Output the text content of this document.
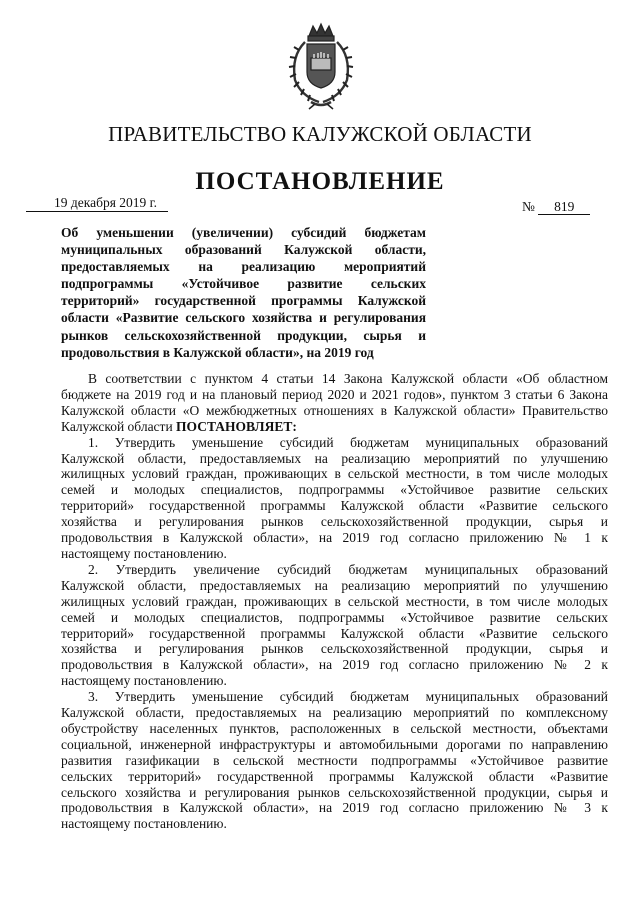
ПРАВИТЕЛЬСТВО КАЛУЖСКОЙ ОБЛАСТИ
ПОСТАНОВЛЕНИЕ
19 декабря 2019 г.	№ 819
Об уменьшении (увеличении) субсидий бюджетам
муниципальных образований Калужской области,
предоставляемых на реализацию мероприятий
подпрограммы «Устойчивое развитие сельских
территорий» государственной программы Калужской
области «Развитие сельского хозяйства и регулирования
рынков сельскохозяйственной продукции, сырья и
продовольствия в Калужской области», на 2019 год
В соответствии с пунктом 4 статьи 14 Закона Калужской области «Об областном
бюджете на 2019 год и на плановый период 2020 и 2021 годов», пунктом 3 статьи 6 Закона
Калужской области «О межбюджетных отношениях в Калужской области» Правительство
Калужской области ПОСТАНОВЛЯЕТ:
1. Утвердить уменьшение субсидий бюджетам муниципальных образований
Калужской области, предоставляемых на реализацию мероприятий по улучшению
жилищных условий граждан, проживающих в сельской местности, в том числе молодых
семей и молодых специалистов, подпрограммы «Устойчивое развитие сельских
территорий» государственной программы Калужской области «Развитие сельского
хозяйства и регулирования рынков сельскохозяйственной продукции, сырья и
продовольствия в Калужской области», на 2019 год согласно приложению № 1 к
настоящему постановлению.
2. Утвердить увеличение субсидий бюджетам муниципальных образований
Калужской области, предоставляемых на реализацию мероприятий по улучшению
жилищных условий граждан, проживающих в сельской местности, в том числе молодых
семей и молодых специалистов, подпрограммы «Устойчивое развитие сельских
территорий» государственной программы Калужской области «Развитие сельского
хозяйства и регулирования рынков сельскохозяйственной продукции, сырья и
продовольствия в Калужской области», на 2019 год согласно приложению № 2 к
настоящему постановлению.
3. Утвердить уменьшение субсидий бюджетам муниципальных образований
Калужской области, предоставляемых на реализацию мероприятий по комплексному
обустройству населенных пунктов, расположенных в сельской местности, объектами
социальной, инженерной инфраструктуры и автомобильными дорогами по направлению
развития газификации в сельской местности подпрограммы «Устойчивое развитие
сельских территорий» государственной программы Калужской области «Развитие
сельского хозяйства и регулирования рынков сельскохозяйственной продукции, сырья и
продовольствия в Калужской области», на 2019 год согласно приложению № 3 к
настоящему постановлению.
